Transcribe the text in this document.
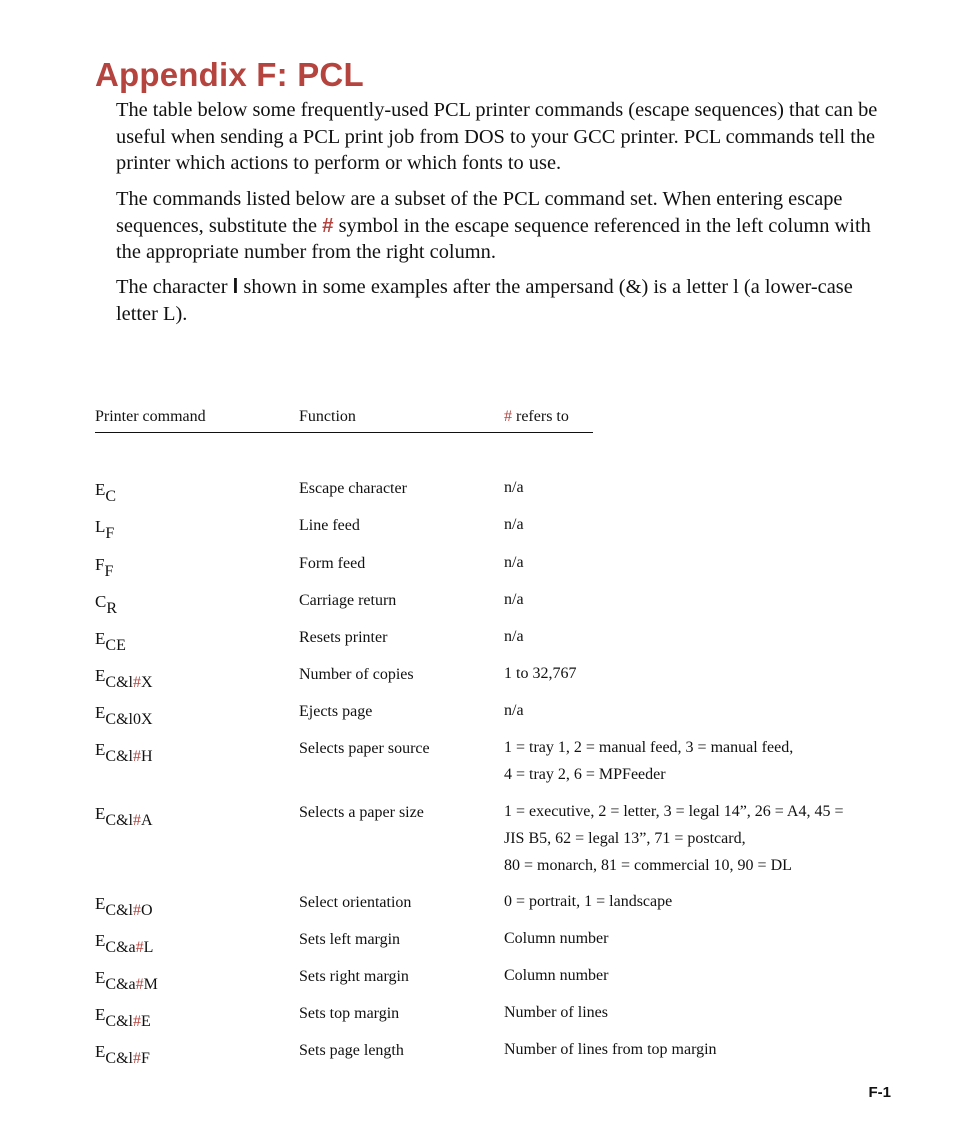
Appendix F: PCL

The table below some frequently-used PCL printer commands (escape sequences) that can be useful when sending a PCL print job from DOS to your GCC printer. PCL commands tell the printer which actions to perform or which fonts to use.

The commands listed below are a subset of the PCL command set. When entering escape sequences, substitute the # symbol in the escape sequence referenced in the left column with the appropriate number from the right column.

The character l shown in some examples after the ampersand (&) is a letter l (a lower-case letter L).

Printer command	Function	# refers to
EC	Escape character	n/a
LF	Line feed	n/a
FF	Form feed	n/a
CR	Carriage return	n/a
ECE	Resets printer	n/a
EC&l#X	Number of copies	1 to 32,767
EC&l0X	Ejects page	n/a
EC&l#H	Selects paper source	1 = tray 1, 2 = manual feed, 3 = manual feed,
4 = tray 2, 6 = MPFeeder
EC&l#A	Selects a paper size	1 = executive, 2 = letter, 3 = legal 14”, 26 = A4, 45 =
JIS B5, 62 = legal 13”, 71 = postcard,
80 = monarch, 81 = commercial 10, 90 = DL
EC&l#O	Select orientation	0 = portrait, 1 = landscape
EC&a#L	Sets left margin	Column number
EC&a#M	Sets right margin	Column number
EC&l#E	Sets top margin	Number of lines
EC&l#F	Sets page length	Number of lines from top margin
F-1
